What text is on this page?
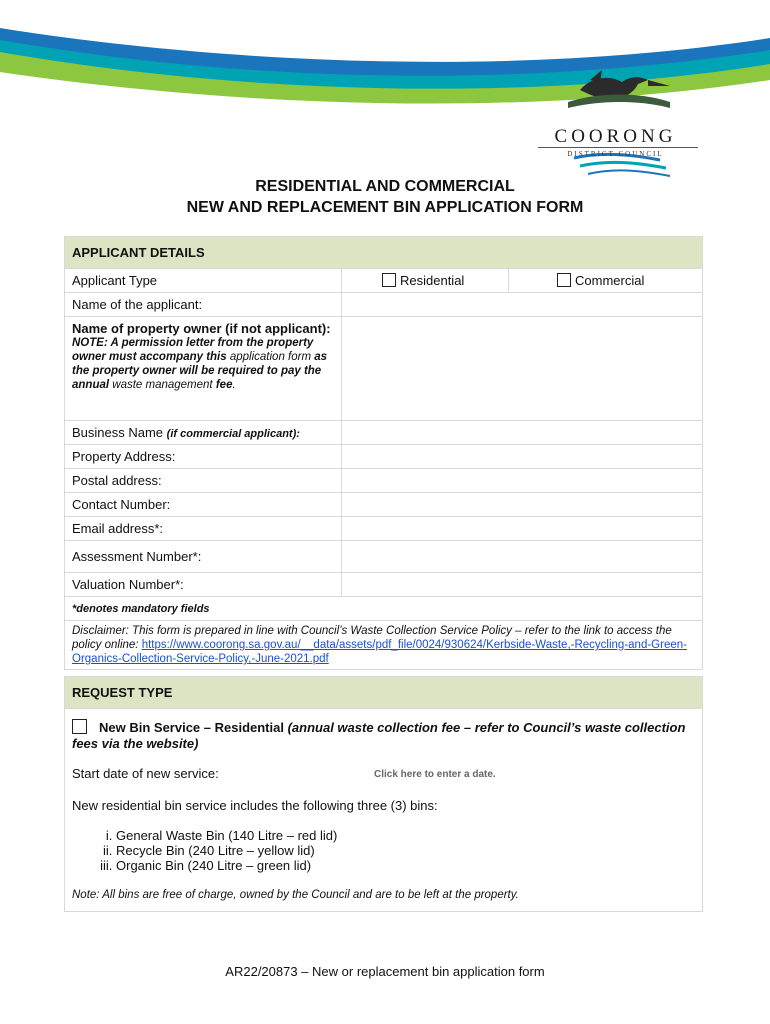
COORONG
DISTRICT COUNCIL
RESIDENTIAL AND COMMERCIAL
NEW AND REPLACEMENT BIN APPLICATION FORM
APPLICANT DETAILS		
Applicant Type	Residential	Commercial
Name of the applicant:		

Name of property owner (if not applicant):
NOTE: A permission letter from the property owner must accompany this application form as the property owner will be required to pay the annual waste management fee.		

Business Name (if commercial applicant):		
Property Address:		
Postal address:		
Contact Number:		
Email address*:		
Assessment Number*:		
Valuation Number*:		
*denotes mandatory fields		
Disclaimer: This form is prepared in line with Council’s Waste Collection Service Policy – refer to the link to access the policy online: https://www.coorong.sa.gov.au/__data/assets/pdf_file/0024/930624/Kerbside-Waste,-Recycling-and-Green-Organics-Collection-Service-Policy,-June-2021.pdf		
REQUEST TYPE

New Bin Service – Residential (annual waste collection fee – refer to Council’s waste collection fees via the website)
Start date of new service:	Click here to enter a date.
New residential bin service includes the following three (3) bins:
i. General Waste Bin (140 Litre – red lid)
ii. Recycle Bin (240 Litre – yellow lid)
iii. Organic Bin (240 Litre – green lid)
Note: All bins are free of charge, owned by the Council and are to be left at the property.
AR22/20873 – New or replacement bin application form
